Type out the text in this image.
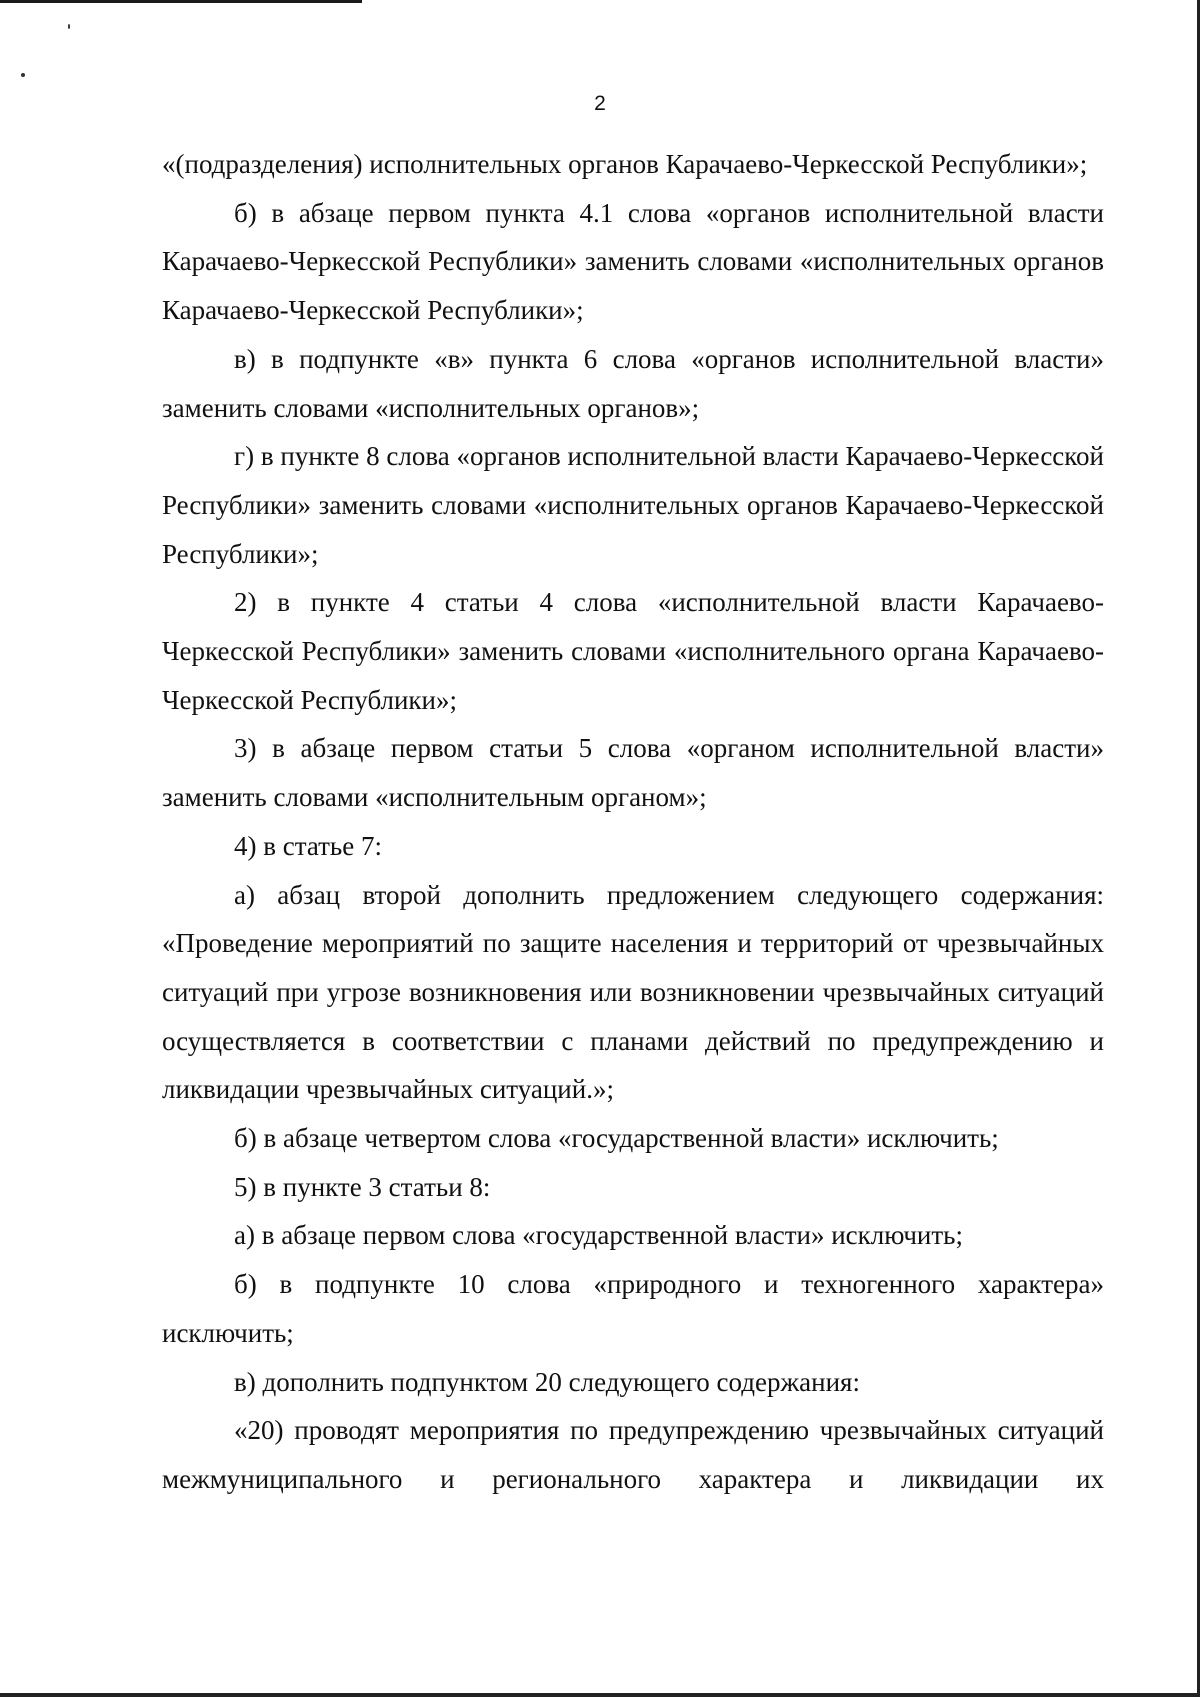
2

«(подразделения) исполнительных органов Карачаево-Черкесской Республики»;

б) в абзаце первом пункта 4.1 слова «органов исполнительной власти Карачаево-Черкесской Республики» заменить словами «исполнительных органов Карачаево-Черкесской Республики»;

в) в подпункте «в» пункта 6 слова «органов исполнительной власти» заменить словами «исполнительных органов»;

г) в пункте 8 слова «органов исполнительной власти Карачаево-Черкесской Республики» заменить словами «исполнительных органов Карачаево-Черкесской Республики»;

2) в пункте 4 статьи 4 слова «исполнительной власти Карачаево-Черкесской Республики» заменить словами «исполнительного органа Карачаево-Черкесской Республики»;

3) в абзаце первом статьи 5 слова «органом исполнительной власти» заменить словами «исполнительным органом»;

4) в статье 7:

а) абзац второй дополнить предложением следующего содержания: «Проведение мероприятий по защите населения и территорий от чрезвычайных ситуаций при угрозе возникновения или возникновении чрезвычайных ситуаций осуществляется в соответствии с планами действий по предупреждению и ликвидации чрезвычайных ситуаций.»;

б) в абзаце четвертом слова «государственной власти» исключить;

5) в пункте 3 статьи 8:

а) в абзаце первом слова «государственной власти» исключить;

б) в подпункте 10 слова «природного и техногенного характера» исключить;

в) дополнить подпунктом 20 следующего содержания:

«20) проводят мероприятия по предупреждению чрезвычайных ситуаций межмуниципального и регионального характера и ликвидации их
